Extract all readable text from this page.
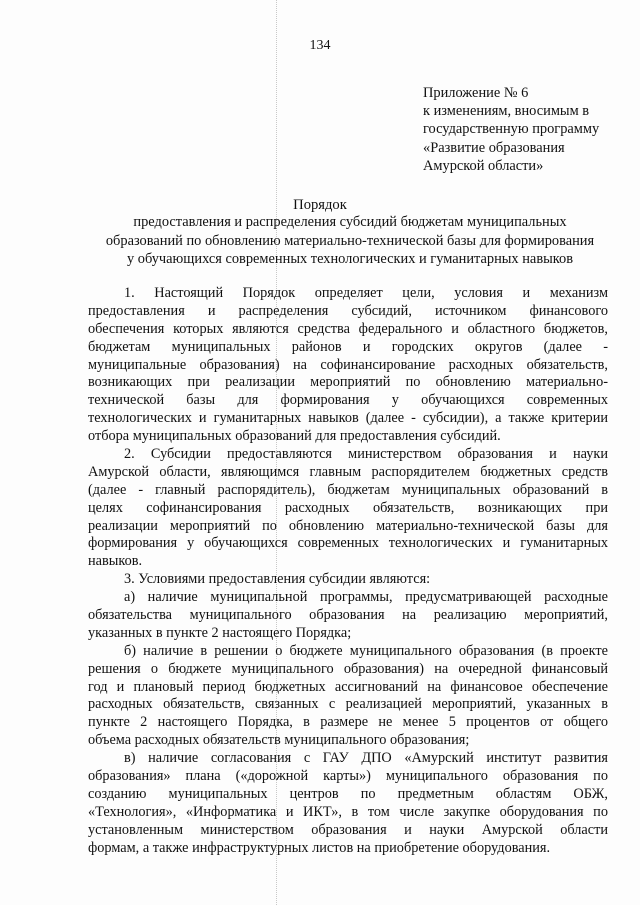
134
Приложение № 6
к изменениям, вносимым в
государственную программу
«Развитие образования
Амурской области»
Порядок
предоставления и распределения субсидий бюджетам муниципальных
образований по обновлению материально-технической базы для формирования
у обучающихся современных технологических и гуманитарных навыков
1. Настоящий Порядок определяет цели, условия и механизм
предоставления и распределения субсидий, источником финансового
обеспечения которых являются средства федерального и областного бюджетов,
бюджетам муниципальных районов и городских округов (далее -
муниципальные образования) на софинансирование расходных обязательств,
возникающих при реализации мероприятий по обновлению материально-
технической базы для формирования у обучающихся современных
технологических и гуманитарных навыков (далее - субсидии), а также критерии
отбора муниципальных образований для предоставления субсидий.
2. Субсидии предоставляются министерством образования и науки
Амурской области, являющимся главным распорядителем бюджетных средств
(далее - главный распорядитель), бюджетам муниципальных образований в
целях софинансирования расходных обязательств, возникающих при
реализации мероприятий по обновлению материально-технической базы для
формирования у обучающихся современных технологических и гуманитарных
навыков.
3. Условиями предоставления субсидии являются:
а) наличие муниципальной программы, предусматривающей расходные
обязательства муниципального образования на реализацию мероприятий,
указанных в пункте 2 настоящего Порядка;
б) наличие в решении о бюджете муниципального образования (в проекте
решения о бюджете муниципального образования) на очередной финансовый
год и плановый период бюджетных ассигнований на финансовое обеспечение
расходных обязательств, связанных с реализацией мероприятий, указанных в
пункте 2 настоящего Порядка, в размере не менее 5 процентов от общего
объема расходных обязательств муниципального образования;
в) наличие согласования с ГАУ ДПО «Амурский институт развития
образования» плана («дорожной карты») муниципального образования по
созданию муниципальных центров по предметным областям ОБЖ,
«Технология», «Информатика и ИКТ», в том числе закупке оборудования по
установленным министерством образования и науки Амурской области
формам, а также инфраструктурных листов на приобретение оборудования.
